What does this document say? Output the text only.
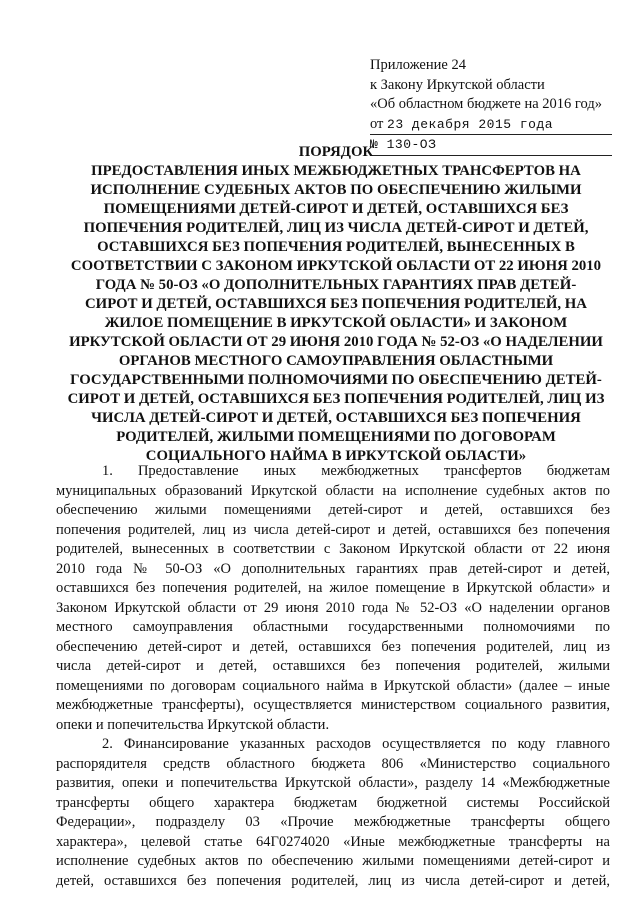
Приложение 24
к Закону Иркутской области
«Об областном бюджете на 2016 год»
от 23 декабря 2015 года
№ 130-ОЗ
ПОРЯДОК
ПРЕДОСТАВЛЕНИЯ ИНЫХ МЕЖБЮДЖЕТНЫХ ТРАНСФЕРТОВ НА
ИСПОЛНЕНИЕ СУДЕБНЫХ АКТОВ ПО ОБЕСПЕЧЕНИЮ ЖИЛЫМИ
ПОМЕЩЕНИЯМИ ДЕТЕЙ-СИРОТ И ДЕТЕЙ, ОСТАВШИХСЯ БЕЗ
ПОПЕЧЕНИЯ РОДИТЕЛЕЙ, ЛИЦ ИЗ ЧИСЛА ДЕТЕЙ-СИРОТ И ДЕТЕЙ,
ОСТАВШИХСЯ БЕЗ ПОПЕЧЕНИЯ РОДИТЕЛЕЙ, ВЫНЕСЕННЫХ В
СООТВЕТСТВИИ С ЗАКОНОМ ИРКУТСКОЙ ОБЛАСТИ ОТ 22 ИЮНЯ 2010
ГОДА № 50-ОЗ «О ДОПОЛНИТЕЛЬНЫХ ГАРАНТИЯХ ПРАВ ДЕТЕЙ-
СИРОТ И ДЕТЕЙ, ОСТАВШИХСЯ БЕЗ ПОПЕЧЕНИЯ РОДИТЕЛЕЙ, НА
ЖИЛОЕ ПОМЕЩЕНИЕ В ИРКУТСКОЙ ОБЛАСТИ» И ЗАКОНОМ
ИРКУТСКОЙ ОБЛАСТИ ОТ 29 ИЮНЯ 2010 ГОДА № 52-ОЗ «О НАДЕЛЕНИИ
ОРГАНОВ МЕСТНОГО САМОУПРАВЛЕНИЯ ОБЛАСТНЫМИ
ГОСУДАРСТВЕННЫМИ ПОЛНОМОЧИЯМИ ПО ОБЕСПЕЧЕНИЮ ДЕТЕЙ-
СИРОТ И ДЕТЕЙ, ОСТАВШИХСЯ БЕЗ ПОПЕЧЕНИЯ РОДИТЕЛЕЙ, ЛИЦ ИЗ
ЧИСЛА ДЕТЕЙ-СИРОТ И ДЕТЕЙ, ОСТАВШИХСЯ БЕЗ ПОПЕЧЕНИЯ
РОДИТЕЛЕЙ, ЖИЛЫМИ ПОМЕЩЕНИЯМИ ПО ДОГОВОРАМ
СОЦИАЛЬНОГО НАЙМА В ИРКУТСКОЙ ОБЛАСТИ»
1. Предоставление иных межбюджетных трансфертов бюджетам
муниципальных образований Иркутской области на исполнение судебных актов по
обеспечению жилыми помещениями детей-сирот и детей, оставшихся без
попечения родителей, лиц из числа детей-сирот и детей, оставшихся без попечения
родителей, вынесенных в соответствии с Законом Иркутской области от 22 июня
2010 года № 50-ОЗ «О дополнительных гарантиях прав детей-сирот и детей,
оставшихся без попечения родителей, на жилое помещение в Иркутской области» и
Законом Иркутской области от 29 июня 2010 года № 52-ОЗ «О наделении органов
местного самоуправления областными государственными полномочиями по
обеспечению детей-сирот и детей, оставшихся без попечения родителей, лиц из
числа детей-сирот и детей, оставшихся без попечения родителей, жилыми
помещениями по договорам социального найма в Иркутской области» (далее – иные
межбюджетные трансферты), осуществляется министерством социального развития,
опеки и попечительства Иркутской области.
2. Финансирование указанных расходов осуществляется по коду главного
распорядителя средств областного бюджета 806 «Министерство социального
развития, опеки и попечительства Иркутской области», разделу 14 «Межбюджетные
трансферты общего характера бюджетам бюджетной системы Российской
Федерации», подразделу 03 «Прочие межбюджетные трансферты общего
характера», целевой статье 64Г0274020 «Иные межбюджетные трансферты на
исполнение судебных актов по обеспечению жилыми помещениями детей-сирот и
детей, оставшихся без попечения родителей, лиц из числа детей-сирот и детей,
